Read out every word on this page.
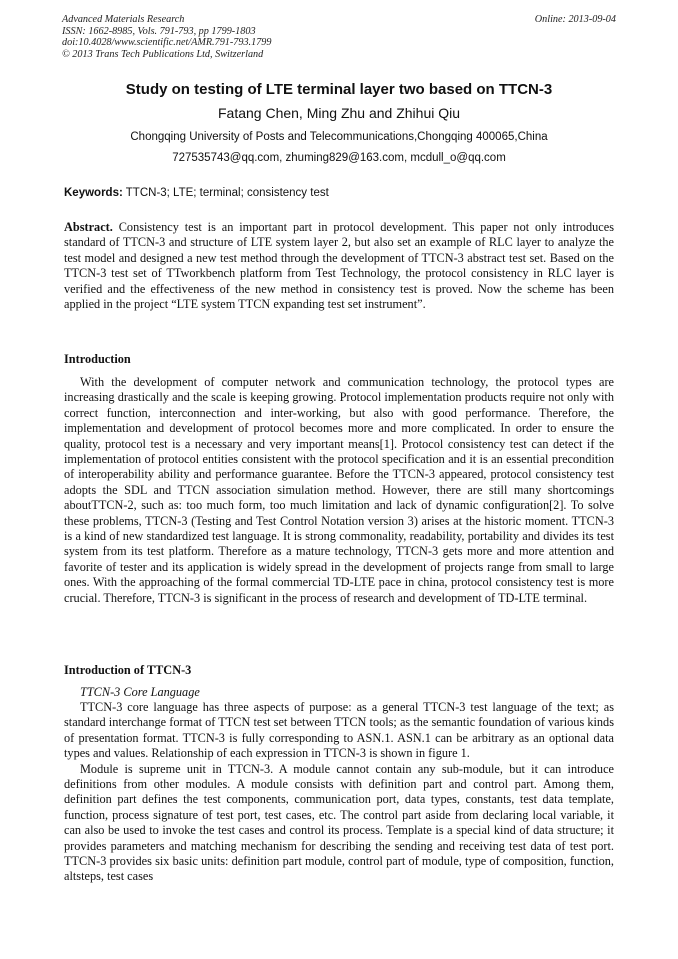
Advanced Materials Research
ISSN: 1662-8985, Vols. 791-793, pp 1799-1803
doi:10.4028/www.scientific.net/AMR.791-793.1799
© 2013 Trans Tech Publications Ltd, Switzerland
Online: 2013-09-04
Study on testing of LTE terminal layer two based on TTCN-3
Fatang Chen, Ming Zhu and Zhihui Qiu
Chongqing University of Posts and Telecommunications,Chongqing 400065,China
727535743@qq.com, zhuming829@163.com, mcdull_o@qq.com
Keywords: TTCN-3; LTE; terminal; consistency test

Abstract. Consistency test is an important part in protocol development. This paper not only introduces standard of TTCN-3 and structure of LTE system layer 2, but also set an example of RLC layer to analyze the test model and designed a new test method through the development of TTCN-3 abstract test set. Based on the TTCN-3 test set of TTworkbench platform from Test Technology, the protocol consistency in RLC layer is verified and the effectiveness of the new method in consistency test is proved. Now the scheme has been applied in the project “LTE system TTCN expanding test set instrument”.

Introduction

With the development of computer network and communication technology, the protocol types are increasing drastically and the scale is keeping growing. Protocol implementation products require not only with correct function, interconnection and inter-working, but also with good performance. Therefore, the implementation and development of protocol becomes more and more complicated. In order to ensure the quality, protocol test is a necessary and very important means[1]. Protocol consistency test can detect if the implementation of protocol entities consistent with the protocol specification and it is an essential precondition of interoperability ability and performance guarantee. Before the TTCN-3 appeared, protocol consistency test adopts the SDL and TTCN association simulation method. However, there are still many shortcomings aboutTTCN-2, such as: too much form, too much limitation and lack of dynamic configuration[2]. To solve these problems, TTCN-3 (Testing and Test Control Notation version 3) arises at the historic moment. TTCN-3 is a kind of new standardized test language. It is strong commonality, readability, portability and divides its test system from its test platform. Therefore as a mature technology, TTCN-3 gets more and more attention and favorite of tester and its application is widely spread in the development of projects range from small to large ones. With the approaching of the formal commercial TD-LTE pace in china, protocol consistency test is more crucial. Therefore, TTCN-3 is significant in the process of research and development of TD-LTE terminal.

Introduction of TTCN-3
TTCN-3 Core Language

TTCN-3 core language has three aspects of purpose: as a general TTCN-3 test language of the text; as standard interchange format of TTCN test set between TTCN tools; as the semantic foundation of various kinds of presentation format. TTCN-3 is fully corresponding to ASN.1. ASN.1 can be arbitrary as an optional data types and values. Relationship of each expression in TTCN-3 is shown in figure 1.

Module is supreme unit in TTCN-3. A module cannot contain any sub-module, but it can introduce definitions from other modules. A module consists with definition part and control part. Among them, definition part defines the test components, communication port, data types, constants, test data template, function, process signature of test port, test cases, etc. The control part aside from declaring local variable, it can also be used to invoke the test cases and control its process. Template is a special kind of data structure; it provides parameters and matching mechanism for describing the sending and receiving test data of test port. TTCN-3 provides six basic units: definition part module, control part of module, type of composition, function, altsteps, test cases
